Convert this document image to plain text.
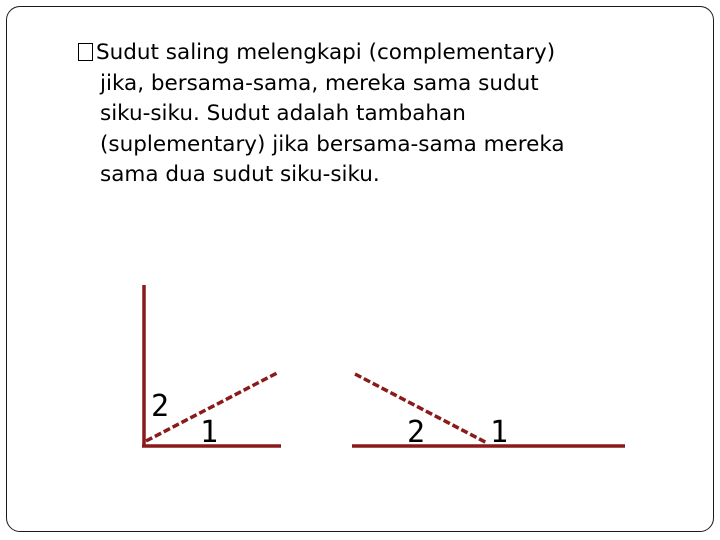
Sudut saling melengkapi (complementary)
jika, bersama-sama, mereka sama sudut
siku-siku. Sudut adalah tambahan
(suplementary) jika bersama-sama mereka
sama dua sudut siku-siku.
2
1	2 1
